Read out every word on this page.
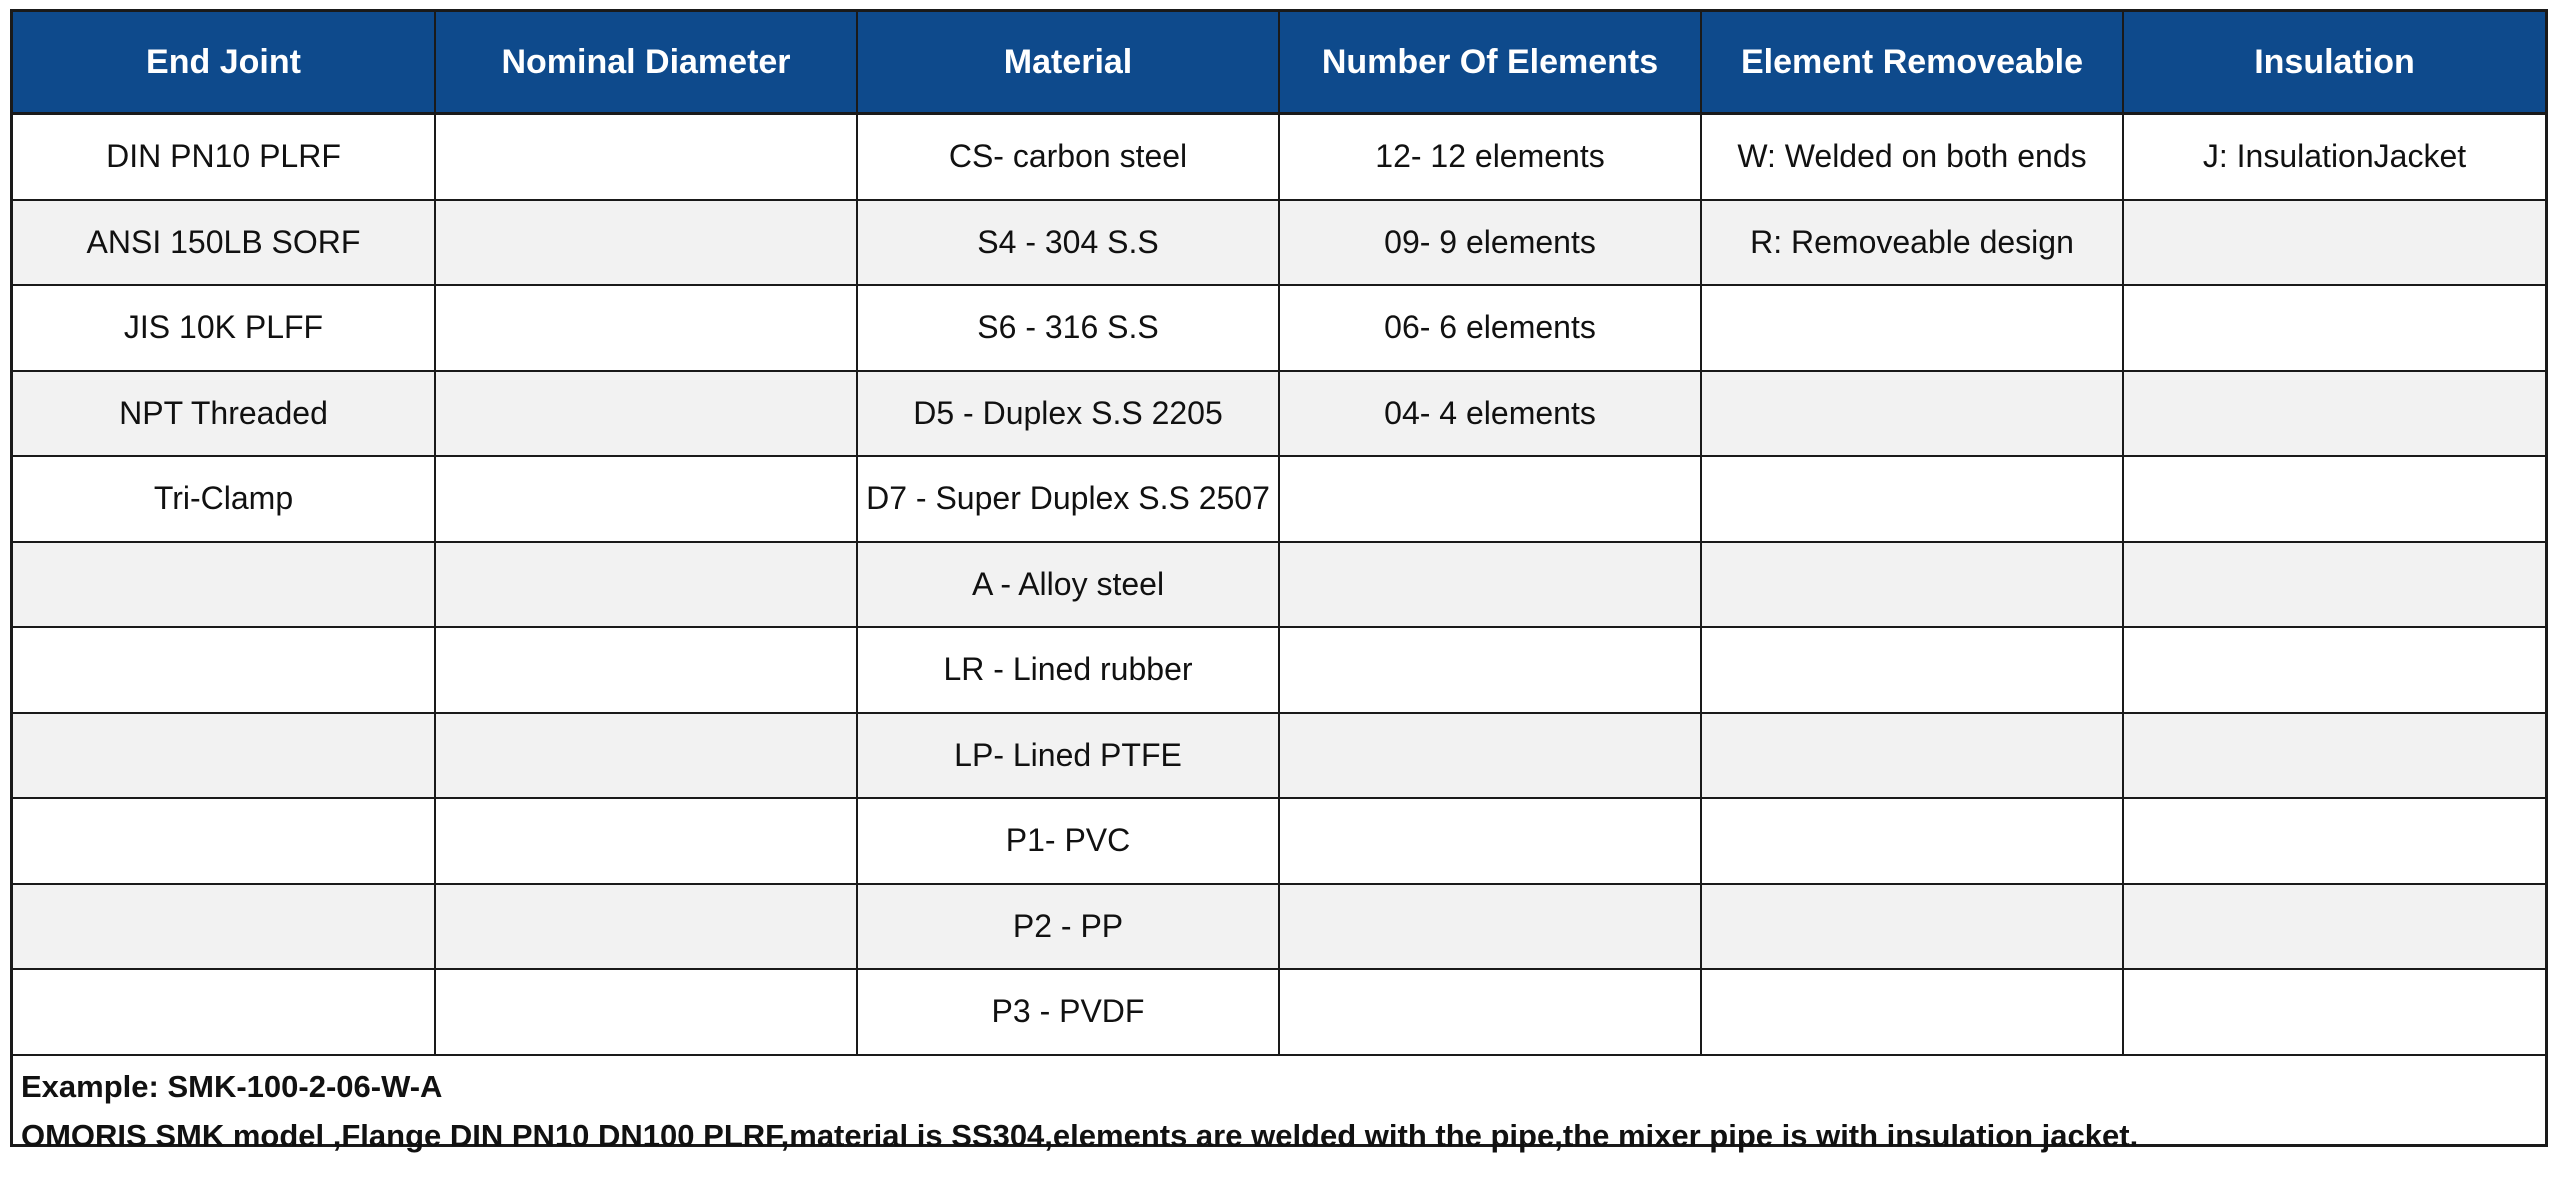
End Joint	Nominal Diameter	Material	Number Of Elements	Element Removeable	Insulation
DIN PN10 PLRF		CS- carbon steel	12- 12 elements	W: Welded on both ends	J: InsulationJacket
ANSI 150LB SORF		S4 - 304 S.S	09- 9 elements	R: Removeable design	
JIS 10K PLFF		S6 - 316 S.S	06- 6 elements		
NPT Threaded		D5 - Duplex S.S 2205	04- 4 elements		
Tri-Clamp		D7 - Super Duplex S.S 2507			
		A - Alloy steel			
		LR - Lined rubber			
		LP- Lined PTFE			
		P1- PVC			
		P2 - PP			
		P3 - PVDF			
Example: SMK-100-2-06-W-A
OMORIS SMK model ,Flange DIN PN10 DN100 PLRF,material is SS304,elements are welded with the pipe,the mixer pipe is with insulation jacket.
